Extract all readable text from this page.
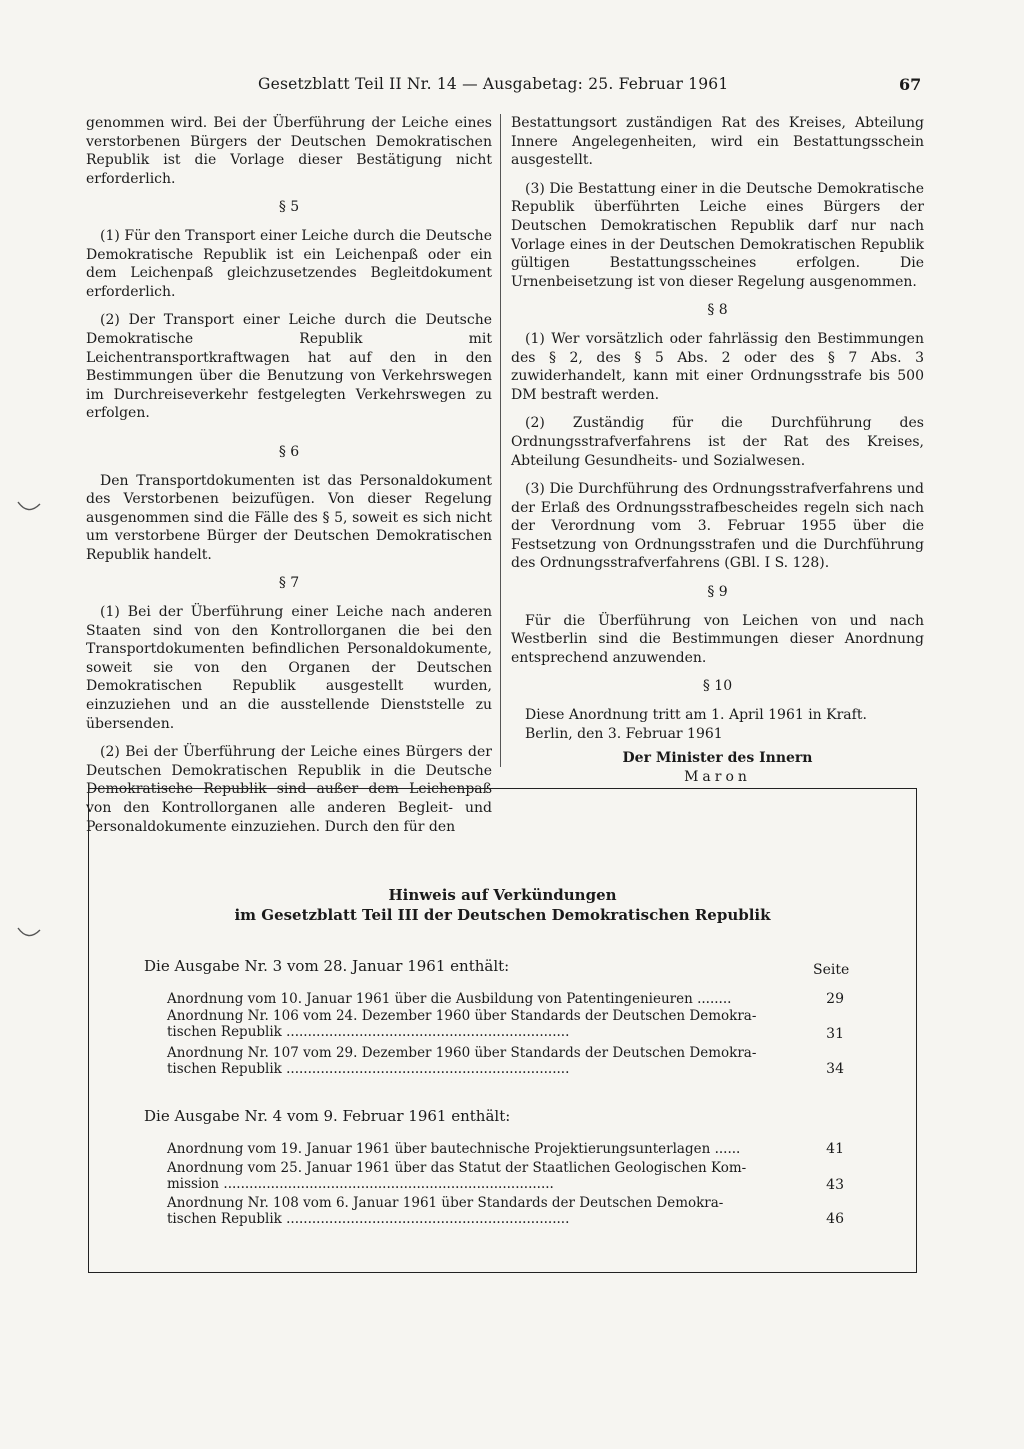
Gesetzblatt Teil II Nr. 14 — Ausgabetag: 25. Februar 1961	67

genommen wird. Bei der Überführung der Leiche eines verstorbenen Bürgers der Deutschen Demokratischen Republik ist die Vorlage dieser Bestätigung nicht erforderlich.

§ 5

(1) Für den Transport einer Leiche durch die Deutsche Demokratische Republik ist ein Leichenpaß oder ein dem Leichenpaß gleichzusetzendes Begleitdokument erforderlich.

(2) Der Transport einer Leiche durch die Deutsche Demokratische Republik mit Leichentransportkraftwagen hat auf den in den Bestimmungen über die Benutzung von Verkehrswegen im Durchreiseverkehr festgelegten Verkehrswegen zu erfolgen.

§ 6

Den Transportdokumenten ist das Personaldokument des Verstorbenen beizufügen. Von dieser Regelung ausgenommen sind die Fälle des § 5, soweit es sich nicht um verstorbene Bürger der Deutschen Demokratischen Republik handelt.

§ 7

(1) Bei der Überführung einer Leiche nach anderen Staaten sind von den Kontrollorganen die bei den Transportdokumenten befindlichen Personaldokumente, soweit sie von den Organen der Deutschen Demokratischen Republik ausgestellt wurden, einzuziehen und an die ausstellende Dienststelle zu übersenden.

(2) Bei der Überführung der Leiche eines Bürgers der Deutschen Demokratischen Republik in die Deutsche Demokratische Republik sind außer dem Leichenpaß von den Kontrollorganen alle anderen Begleit- und Personaldokumente einzuziehen. Durch den für den

Bestattungsort zuständigen Rat des Kreises, Abteilung Innere Angelegenheiten, wird ein Bestattungsschein ausgestellt.

(3) Die Bestattung einer in die Deutsche Demokratische Republik überführten Leiche eines Bürgers der Deutschen Demokratischen Republik darf nur nach Vorlage eines in der Deutschen Demokratischen Republik gültigen Bestattungsscheines erfolgen. Die Urnenbeisetzung ist von dieser Regelung ausgenommen.

§ 8

(1) Wer vorsätzlich oder fahrlässig den Bestimmungen des § 2, des § 5 Abs. 2 oder des § 7 Abs. 3 zuwiderhandelt, kann mit einer Ordnungsstrafe bis 500 DM bestraft werden.

(2) Zuständig für die Durchführung des Ordnungsstrafverfahrens ist der Rat des Kreises, Abteilung Gesundheits- und Sozialwesen.

(3) Die Durchführung des Ordnungsstrafverfahrens und der Erlaß des Ordnungsstrafbescheides regeln sich nach der Verordnung vom 3. Februar 1955 über die Festsetzung von Ordnungsstrafen und die Durchführung des Ordnungsstrafverfahrens (GBl. I S. 128).

§ 9

Für die Überführung von Leichen von und nach Westberlin sind die Bestimmungen dieser Anordnung entsprechend anzuwenden.

§ 10

Diese Anordnung tritt am 1. April 1961 in Kraft.

Berlin, den 3. Februar 1961

Der Minister des Innern
Maron
Hinweis auf Verkündungen
im Gesetzblatt Teil III der Deutschen Demokratischen Republik
Die Ausgabe Nr. 3 vom 28. Januar 1961 enthält:	Seite
Anordnung vom 10. Januar 1961 über die Ausbildung von Patentingenieuren ........	29
Anordnung Nr. 106 vom 24. Dezember 1960 über Standards der Deutschen Demokra-
tischen Republik ..................................................................	31
Anordnung Nr. 107 vom 29. Dezember 1960 über Standards der Deutschen Demokra-
tischen Republik ..................................................................	34
Die Ausgabe Nr. 4 vom 9. Februar 1961 enthält:
Anordnung vom 19. Januar 1961 über bautechnische Projektierungsunterlagen ......	41
Anordnung vom 25. Januar 1961 über das Statut der Staatlichen Geologischen Kom-
mission .............................................................................	43
Anordnung Nr. 108 vom 6. Januar 1961 über Standards der Deutschen Demokra-
tischen Republik ..................................................................	46
